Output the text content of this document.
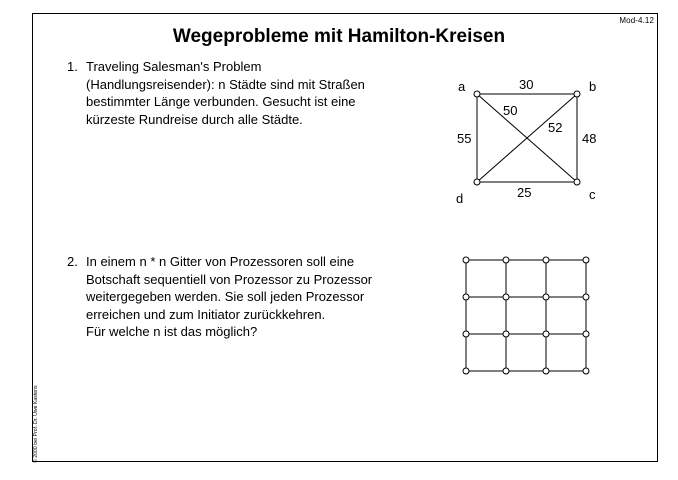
Mod-4.12
© 2000 bei Prof. Dr. Uwe Kastens
Wegeprobleme mit Hamilton-Kreisen
1. Traveling Salesman's Problem
(Handlungsreisender): n Städte sind mit Straßen
bestimmter Länge verbunden. Gesucht ist eine
kürzeste Rundreise durch alle Städte.
2. In einem n * n Gitter von Prozessoren soll eine
Botschaft sequentiell von Prozessor zu Prozessor
weitergegeben werden. Sie soll jeden Prozessor
erreichen und zum Initiator zurückkehren.
Für welche n ist das möglich?
a	b
c
d
30
48
25
55
50
52
